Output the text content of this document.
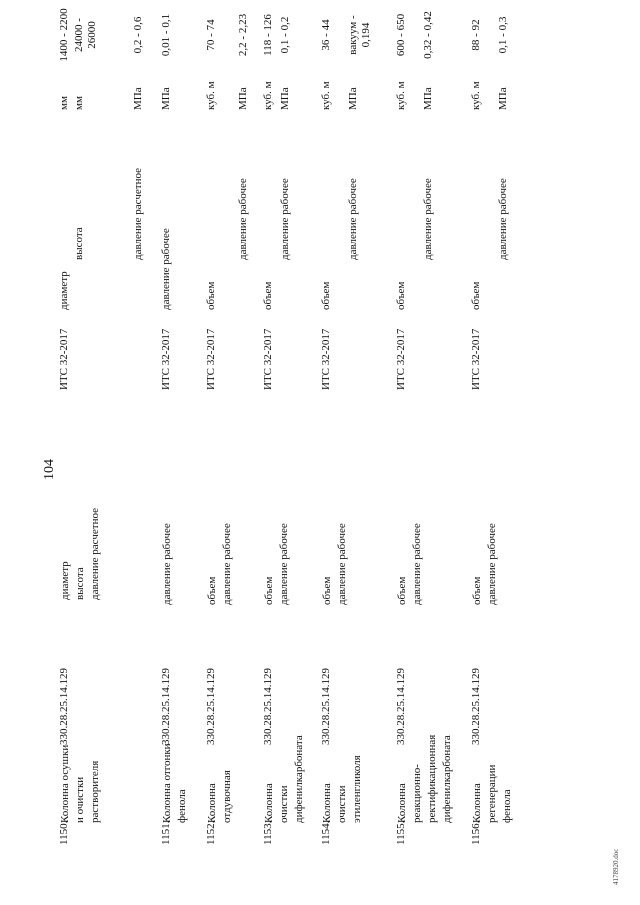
104
4178920.doc
1150.
Колонна осушки и очистки растворителя
330.28.25.14.129
диаметр высота давление расчетное
ИТС 32-2017
диаметр
мм
1400 - 2200
высота
мм
24000 - 26000
давление расчетное
МПа
0,2 - 0,6
1151.
Колонна отгонки фенола
330.28.25.14.129
давление рабочее
ИТС 32-2017
давление рабочее
МПа
0,01 - 0,1
1152.
Колонна отдувочная
330.28.25.14.129
объем давление рабочее
ИТС 32-2017
объем
куб. м
70 - 74
давление рабочее
МПа
2,2 - 2,23
1153.
Колонна очистки дифенилкарбоната
330.28.25.14.129
объем давление рабочее
ИТС 32-2017
объем
куб. м
118 - 126
давление рабочее
МПа
0,1 - 0,2
1154.
Колонна очистки этиленгликоля
330.28.25.14.129
объем давление рабочее
ИТС 32-2017
объем
куб. м
36 - 44
давление рабочее
МПа
вакуум - 0,194
1155.
Колонна реакционно- ректификационная дифенилкарбоната
330.28.25.14.129
объем давление рабочее
ИТС 32-2017
объем
куб. м
600 - 650
давление рабочее
МПа
0,32 - 0,42
1156.
Колонна регенерации фенола
330.28.25.14.129
объем давление рабочее
ИТС 32-2017
объем
куб. м
88 - 92
давление рабочее
МПа
0,1 - 0,3
